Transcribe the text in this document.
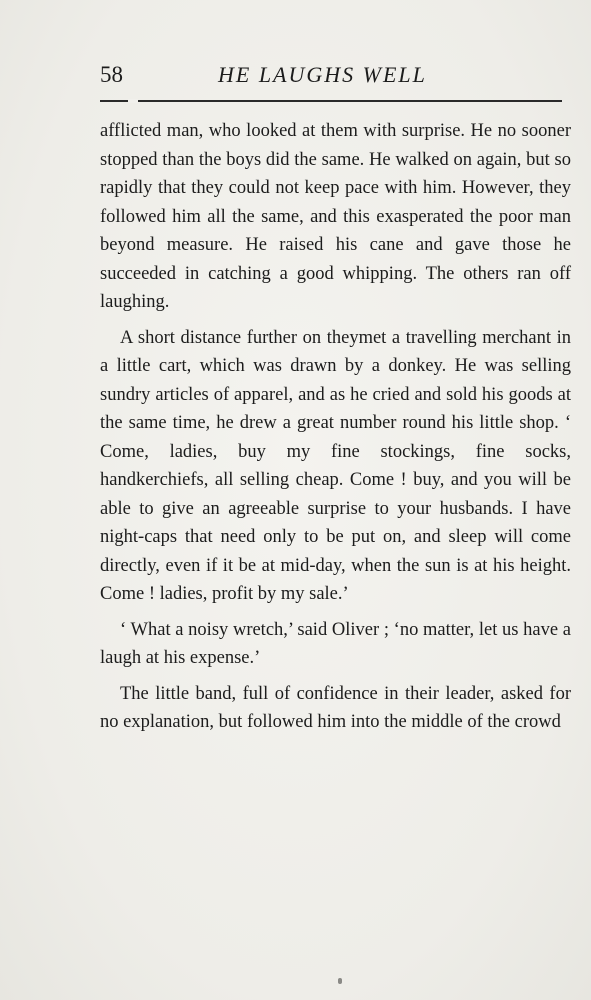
58	HE LAUGHS WELL

afflicted man, who looked at them with surprise. He no sooner stopped than the boys did the same. He walked on again, but so rapidly that they could not keep pace with him. However, they followed him all the same, and this exasperated the poor man beyond measure. He raised his cane and gave those he succeeded in catching a good whipping. The others ran off laughing.

A short distance further on theymet a travelling merchant in a little cart, which was drawn by a donkey. He was selling sundry articles of apparel, and as he cried and sold his goods at the same time, he drew a great number round his little shop. ‘ Come, ladies, buy my fine stockings, fine socks, handkerchiefs, all selling cheap. Come ! buy, and you will be able to give an agreeable surprise to your husbands. I have night-caps that need only to be put on, and sleep will come directly, even if it be at mid-day, when the sun is at his height. Come ! ladies, profit by my sale.’

‘ What a noisy wretch,’ said Oliver ; ‘no matter, let us have a laugh at his expense.’

The little band, full of confidence in their leader, asked for no explanation, but followed him into the middle of the crowd
